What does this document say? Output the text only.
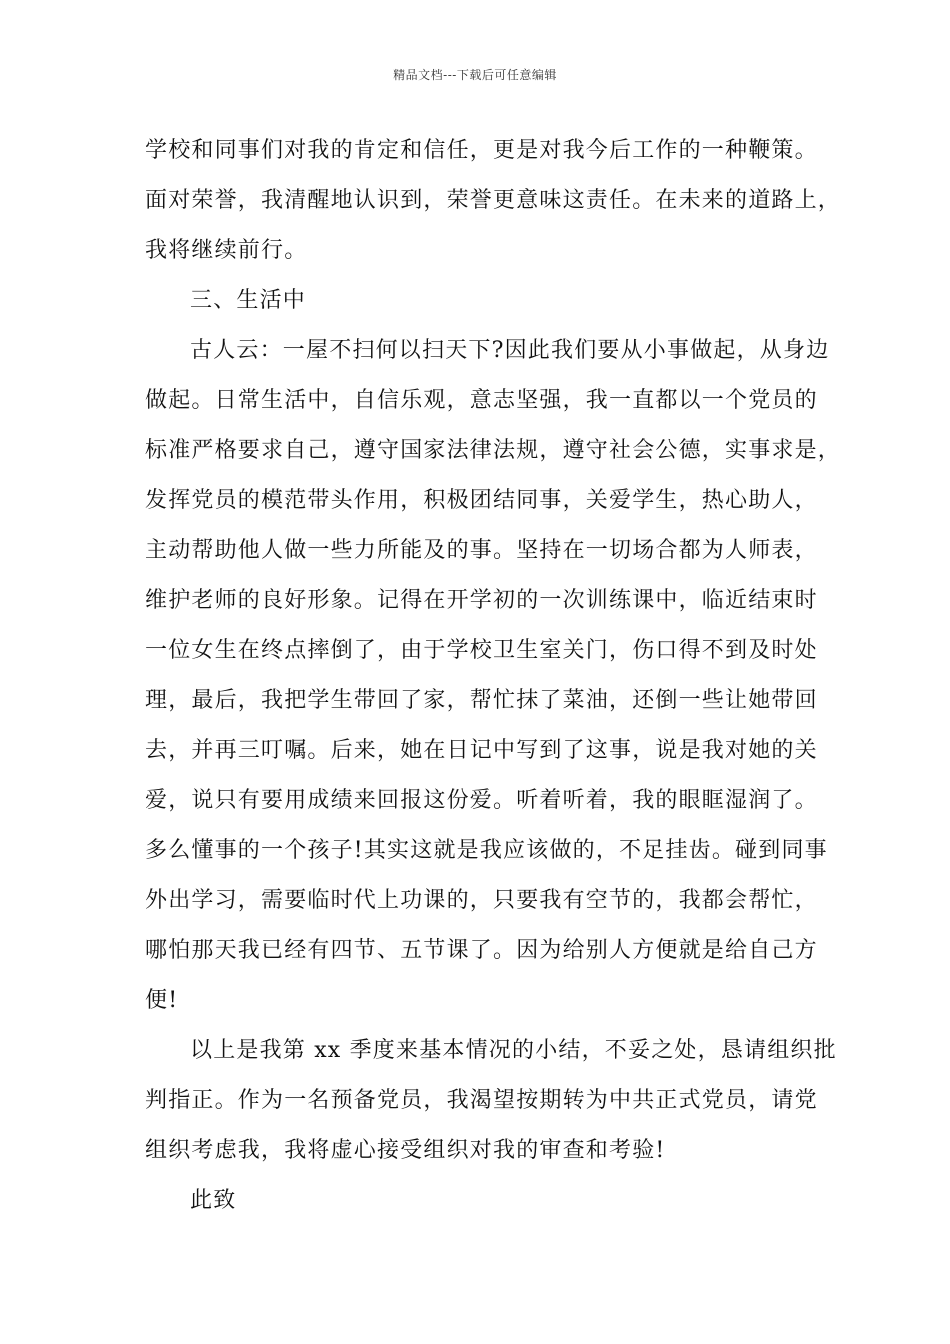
精品文档---下载后可任意编辑
学校和同事们对我的肯定和信任，更是对我今后工作的一种鞭策。
面对荣誉，我清醒地认识到，荣誉更意味这责任。在未来的道路上，
我将继续前行。
三、生活中
古人云：一屋不扫何以扫天下?因此我们要从小事做起，从身边
做起。日常生活中，自信乐观，意志坚强，我一直都以一个党员的
标准严格要求自己，遵守国家法律法规，遵守社会公德，实事求是，
发挥党员的模范带头作用，积极团结同事，关爱学生，热心助人，
主动帮助他人做一些力所能及的事。坚持在一切场合都为人师表，
维护老师的良好形象。记得在开学初的一次训练课中，临近结束时
一位女生在终点摔倒了，由于学校卫生室关门，伤口得不到及时处
理，最后，我把学生带回了家，帮忙抹了菜油，还倒一些让她带回
去，并再三叮嘱。后来，她在日记中写到了这事，说是我对她的关
爱，说只有要用成绩来回报这份爱。听着听着，我的眼眶湿润了。
多么懂事的一个孩子!其实这就是我应该做的，不足挂齿。碰到同事
外出学习，需要临时代上功课的，只要我有空节的，我都会帮忙，
哪怕那天我已经有四节、五节课了。因为给别人方便就是给自己方
便!
以上是我第 xx 季度来基本情况的小结，不妥之处，恳请组织批
判指正。作为一名预备党员，我渴望按期转为中共正式党员，请党
组织考虑我，我将虚心接受组织对我的审查和考验!
此致
